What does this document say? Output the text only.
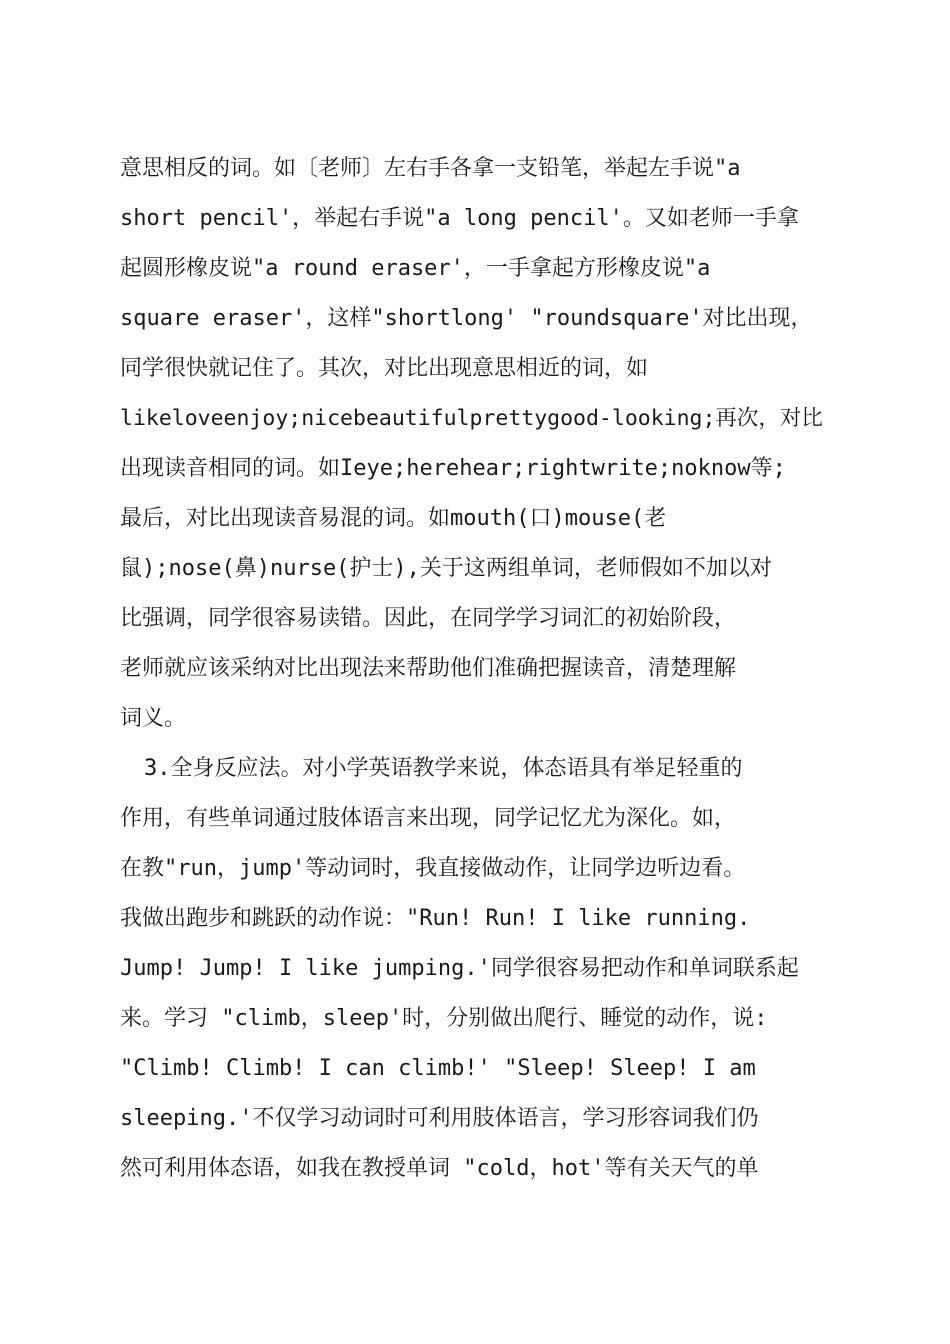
意思相反的词。如〔老师〕左右手各拿一支铅笔，举起左手说"a
short pencil'，举起右手说"a long pencil'。又如老师一手拿
起圆形橡皮说"a round eraser'，一手拿起方形橡皮说"a
square eraser'，这样"shortlong' "roundsquare'对比出现，
同学很快就记住了。其次，对比出现意思相近的词，如
likeloveenjoy;nicebeautifulprettygood-looking;再次，对比
出现读音相同的词。如Ieye;herehear;rightwrite;noknow等;
最后，对比出现读音易混的词。如mouth(口)mouse(老
鼠);nose(鼻)nurse(护士),关于这两组单词，老师假如不加以对
比强调，同学很容易读错。因此，在同学学习词汇的初始阶段，
老师就应该采纳对比出现法来帮助他们准确把握读音，清楚理解
词义。
3.全身反应法。对小学英语教学来说，体态语具有举足轻重的
作用，有些单词通过肢体语言来出现，同学记忆尤为深化。如，
在教"run，jump'等动词时，我直接做动作，让同学边听边看。
我做出跑步和跳跃的动作说："Run! Run! I like running.
Jump! Jump! I like jumping.'同学很容易把动作和单词联系起
来。学习 "climb，sleep'时，分别做出爬行、睡觉的动作，说:
"Climb! Climb! I can climb!' "Sleep! Sleep! I am
sleeping.'不仅学习动词时可利用肢体语言，学习形容词我们仍
然可利用体态语，如我在教授单词 "cold，hot'等有关天气的单
